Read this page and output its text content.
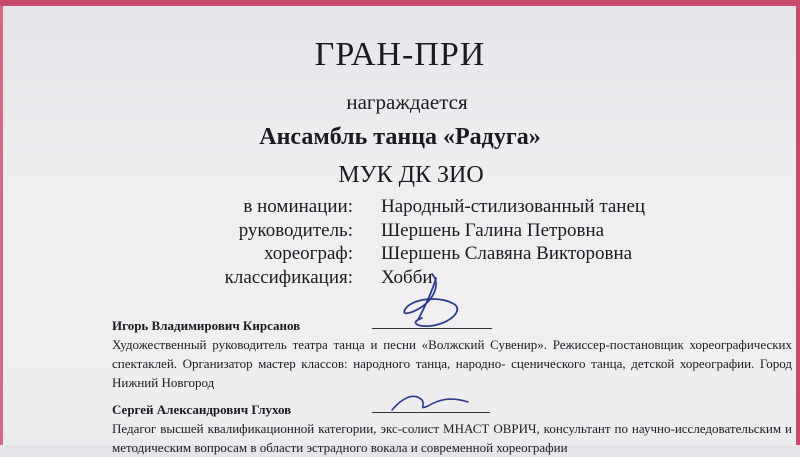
ГРАН-ПРИ
награждается
Ансамбль танца «Радуга»
МУК ДК ЗИО
в номинации:	Народный-стилизованный танец
руководитель:	Шершень Галина Петровна
хореограф:	Шершень Славяна Викторовна
классификация:	Хобби
Игорь Владимирович Кирсанов
Художественный руководитель театра танца и песни «Волжский Сувенир». Режиссер-постановщик хореографических спектаклей. Организатор мастер классов: народного танца, народно- сценического танца, детской хореографии. Город Нижний Новгород
Сергей Александрович Глухов
Педагог высшей квалификационной категории, экс-солист МНАСТ ОВРИЧ, консультант по научно-исследовательским и методическим вопросам в области эстрадного вокала и современной хореографии
